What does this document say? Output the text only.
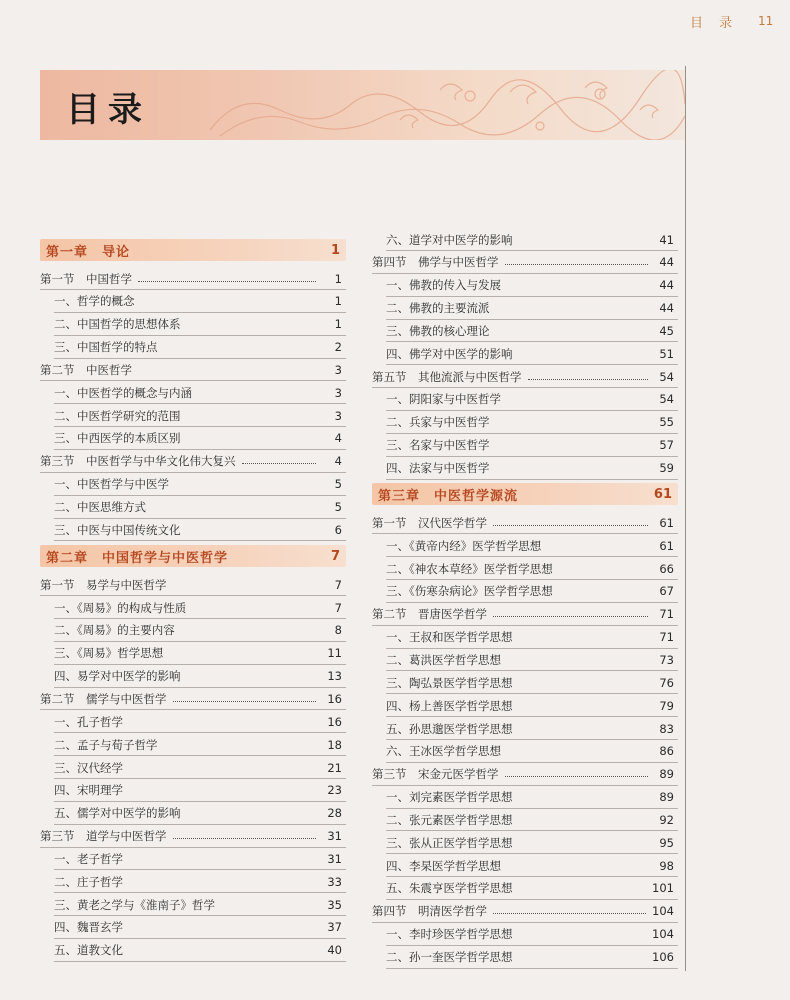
目 录 11
目录
第一章　导论	1
第一节　中国哲学	1
一、哲学的概念	1
二、中国哲学的思想体系	1
三、中国哲学的特点	2
第二节　中医哲学	3
一、中医哲学的概念与内涵	3
二、中医哲学研究的范围	3
三、中西医学的本质区别	4
第三节　中医哲学与中华文化伟大复兴	4
一、中医哲学与中医学	5
二、中医思维方式	5
三、中医与中国传统文化	6
第二章　中国哲学与中医哲学	7
第一节　易学与中医哲学	7
一、《周易》的构成与性质	7
二、《周易》的主要内容	8
三、《周易》哲学思想	11
四、易学对中医学的影响	13
第二节　儒学与中医哲学	16
一、孔子哲学	16
二、孟子与荀子哲学	18
三、汉代经学	21
四、宋明理学	23
五、儒学对中医学的影响	28
第三节　道学与中医哲学	31
一、老子哲学	31
二、庄子哲学	33
三、黄老之学与《淮南子》哲学	35
四、魏晋玄学	37
五、道教文化	40
六、道学对中医学的影响	41
第四节　佛学与中医哲学	44
一、佛教的传入与发展	44
二、佛教的主要流派	44
三、佛教的核心理论	45
四、佛学对中医学的影响	51
第五节　其他流派与中医哲学	54
一、阴阳家与中医哲学	54
二、兵家与中医哲学	55
三、名家与中医哲学	57
四、法家与中医哲学	59
第三章　中医哲学源流	61
第一节　汉代医学哲学	61
一、《黄帝内经》医学哲学思想	61
二、《神农本草经》医学哲学思想	66
三、《伤寒杂病论》医学哲学思想	67
第二节　晋唐医学哲学	71
一、王叔和医学哲学思想	71
二、葛洪医学哲学思想	73
三、陶弘景医学哲学思想	76
四、杨上善医学哲学思想	79
五、孙思邈医学哲学思想	83
六、王冰医学哲学思想	86
第三节　宋金元医学哲学	89
一、刘完素医学哲学思想	89
二、张元素医学哲学思想	92
三、张从正医学哲学思想	95
四、李杲医学哲学思想	98
五、朱震亨医学哲学思想	101
第四节　明清医学哲学	104
一、李时珍医学哲学思想	104
二、孙一奎医学哲学思想	106
